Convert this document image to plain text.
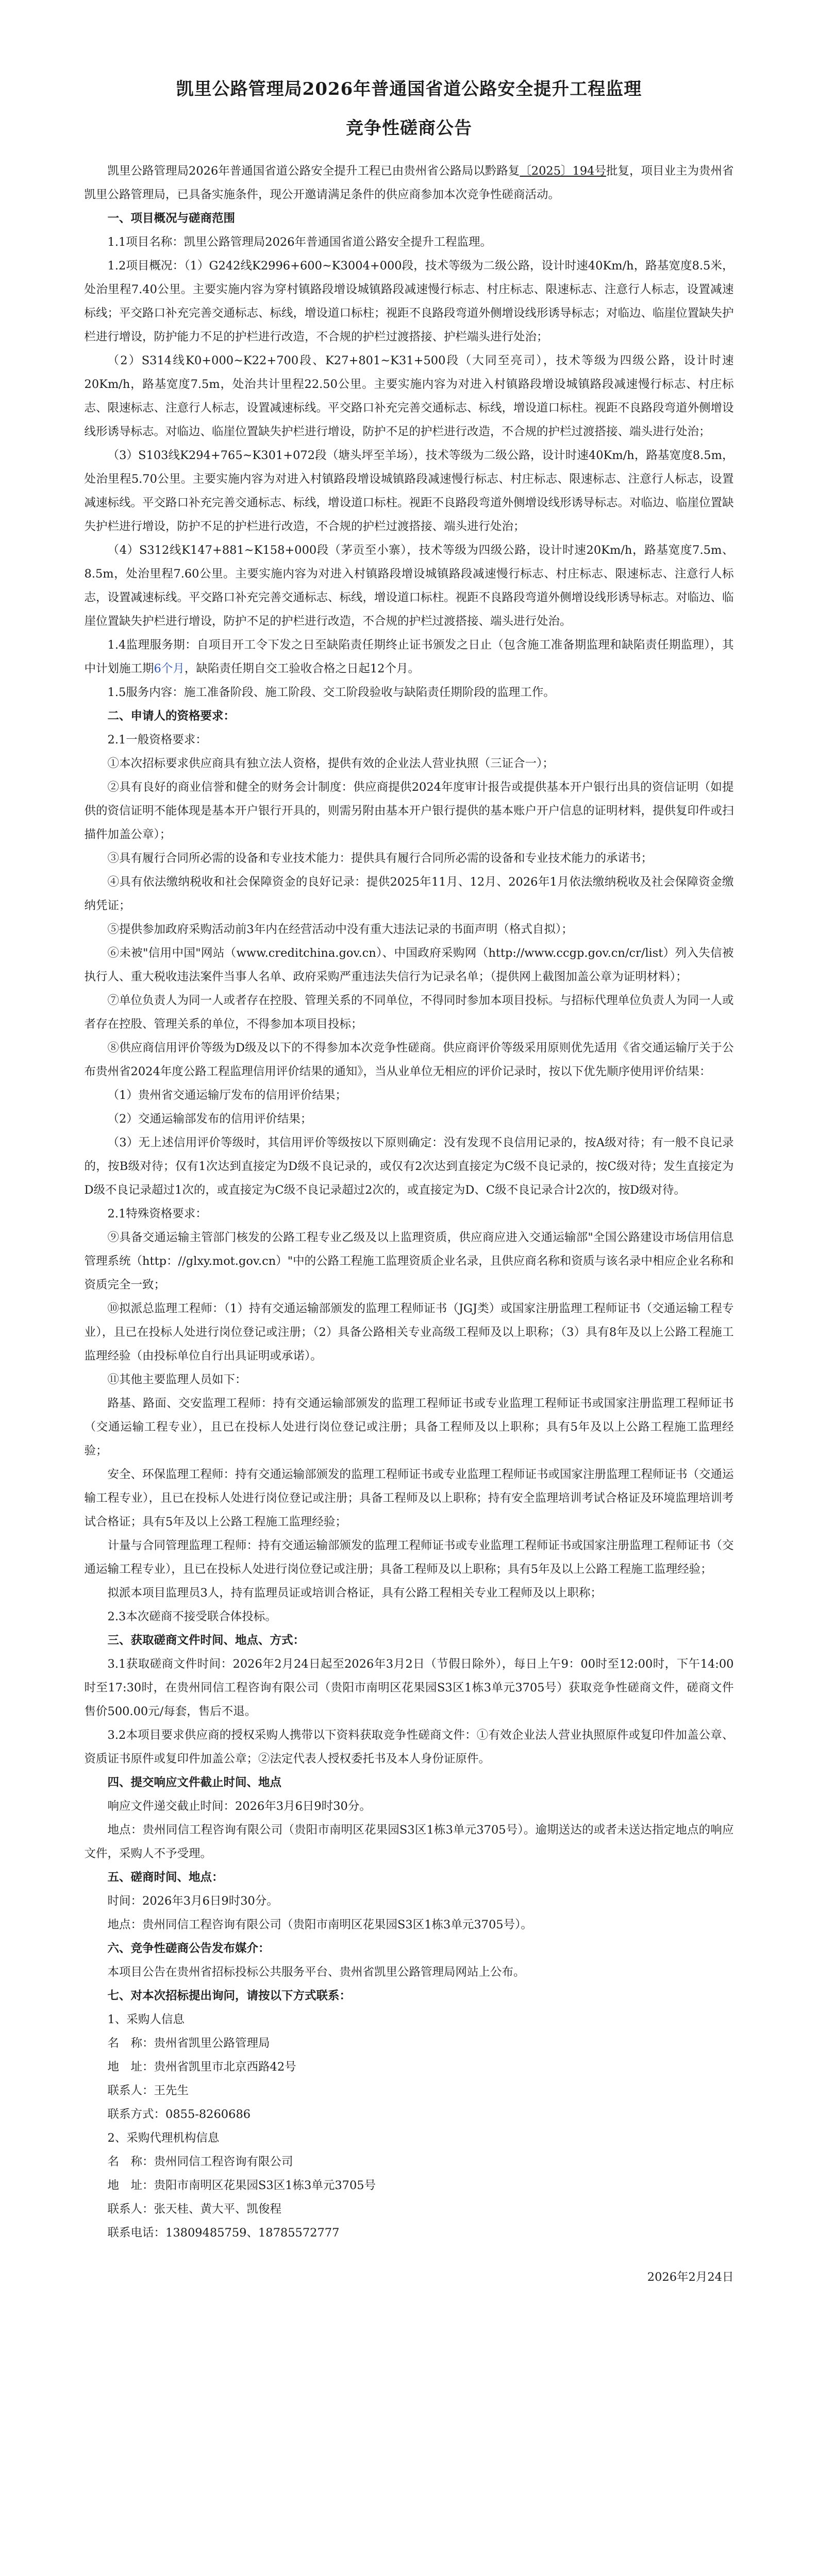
凯里公路管理局2026年普通国省道公路安全提升工程监理
竞争性磋商公告

凯里公路管理局2026年普通国省道公路安全提升工程已由贵州省公路局以黔路复〔2025〕194号批复，项目业主为贵州省凯里公路管理局，已具备实施条件，现公开邀请满足条件的供应商参加本次竞争性磋商活动。

一、项目概况与磋商范围

1.1项目名称：凯里公路管理局2026年普通国省道公路安全提升工程监理。

1.2项目概况：（1）G242线K2996+600~K3004+000段，技术等级为二级公路，设计时速40Km/h，路基宽度8.5米，处治里程7.40公里。主要实施内容为穿村镇路段增设城镇路段减速慢行标志、村庄标志、限速标志、注意行人标志，设置减速标线；平交路口补充完善交通标志、标线，增设道口标柱；视距不良路段弯道外侧增设线形诱导标志；对临边、临崖位置缺失护栏进行增设，防护能力不足的护栏进行改造，不合规的护栏过渡搭接、护栏端头进行处治；

（2）S314线K0+000~K22+700段、K27+801~K31+500段（大同至亮司），技术等级为四级公路，设计时速20Km/h，路基宽度7.5m，处治共计里程22.50公里。主要实施内容为对进入村镇路段增设城镇路段减速慢行标志、村庄标志、限速标志、注意行人标志，设置减速标线。平交路口补充完善交通标志、标线，增设道口标柱。视距不良路段弯道外侧增设线形诱导标志。对临边、临崖位置缺失护栏进行增设，防护不足的护栏进行改造，不合规的护栏过渡搭接、端头进行处治；

（3）S103线K294+765~K301+072段（塘头坪至羊场），技术等级为二级公路，设计时速40Km/h，路基宽度8.5m，处治里程5.70公里。主要实施内容为对进入村镇路段增设城镇路段减速慢行标志、村庄标志、限速标志、注意行人标志，设置减速标线。平交路口补充完善交通标志、标线，增设道口标柱。视距不良路段弯道外侧增设线形诱导标志。对临边、临崖位置缺失护栏进行增设，防护不足的护栏进行改造，不合规的护栏过渡搭接、端头进行处治；

（4）S312线K147+881~K158+000段（茅贡至小寨），技术等级为四级公路，设计时速20Km/h，路基宽度7.5m、8.5m，处治里程7.60公里。主要实施内容为对进入村镇路段增设城镇路段减速慢行标志、村庄标志、限速标志、注意行人标志，设置减速标线。平交路口补充完善交通标志、标线，增设道口标柱。视距不良路段弯道外侧增设线形诱导标志。对临边、临崖位置缺失护栏进行增设，防护不足的护栏进行改造，不合规的护栏过渡搭接、端头进行处治。

1.4监理服务期：自项目开工令下发之日至缺陷责任期终止证书颁发之日止（包含施工准备期监理和缺陷责任期监理），其中计划施工期6个月，缺陷责任期自交工验收合格之日起12个月。

1.5服务内容：施工准备阶段、施工阶段、交工阶段验收与缺陷责任期阶段的监理工作。

二、申请人的资格要求：

2.1一般资格要求：

①本次招标要求供应商具有独立法人资格，提供有效的企业法人营业执照（三证合一）；

②具有良好的商业信誉和健全的财务会计制度：供应商提供2024年度审计报告或提供基本开户银行出具的资信证明（如提供的资信证明不能体现是基本开户银行开具的，则需另附由基本开户银行提供的基本账户开户信息的证明材料，提供复印件或扫描件加盖公章）；

③具有履行合同所必需的设备和专业技术能力：提供具有履行合同所必需的设备和专业技术能力的承诺书；

④具有依法缴纳税收和社会保障资金的良好记录：提供2025年11月、12月、2026年1月依法缴纳税收及社会保障资金缴纳凭证；

⑤提供参加政府采购活动前3年内在经营活动中没有重大违法记录的书面声明（格式自拟）；

⑥未被"信用中国"网站（www.creditchina.gov.cn）、中国政府采购网（http://www.ccgp.gov.cn/cr/list）列入失信被执行人、重大税收违法案件当事人名单、政府采购严重违法失信行为记录名单；（提供网上截图加盖公章为证明材料）；

⑦单位负责人为同一人或者存在控股、管理关系的不同单位，不得同时参加本项目投标。与招标代理单位负责人为同一人或者存在控股、管理关系的单位，不得参加本项目投标；

⑧供应商信用评价等级为D级及以下的不得参加本次竞争性磋商。供应商评价等级采用原则优先适用《省交通运输厅关于公布贵州省2024年度公路工程监理信用评价结果的通知》，当从业单位无相应的评价记录时，按以下优先顺序使用评价结果：

（1）贵州省交通运输厅发布的信用评价结果；

（2）交通运输部发布的信用评价结果；

（3）无上述信用评价等级时，其信用评价等级按以下原则确定：没有发现不良信用记录的，按A级对待；有一般不良记录的，按B级对待；仅有1次达到直接定为D级不良记录的，或仅有2次达到直接定为C级不良记录的，按C级对待；发生直接定为D级不良记录超过1次的，或直接定为C级不良记录超过2次的，或直接定为D、C级不良记录合计2次的，按D级对待。

2.1特殊资格要求：

⑨具备交通运输主管部门核发的公路工程专业乙级及以上监理资质，供应商应进入交通运输部"全国公路建设市场信用信息管理系统（http：//glxy.mot.gov.cn）"中的公路工程施工监理资质企业名录，且供应商名称和资质与该名录中相应企业名称和资质完全一致；

⑩拟派总监理工程师：（1）持有交通运输部颁发的监理工程师证书（JGJ类）或国家注册监理工程师证书（交通运输工程专业），且已在投标人处进行岗位登记或注册；（2）具备公路相关专业高级工程师及以上职称；（3）具有8年及以上公路工程施工监理经验（由投标单位自行出具证明或承诺）。

⑪其他主要监理人员如下：

路基、路面、交安监理工程师：持有交通运输部颁发的监理工程师证书或专业监理工程师证书或国家注册监理工程师证书（交通运输工程专业），且已在投标人处进行岗位登记或注册；具备工程师及以上职称；具有5年及以上公路工程施工监理经验；

安全、环保监理工程师：持有交通运输部颁发的监理工程师证书或专业监理工程师证书或国家注册监理工程师证书（交通运输工程专业），且已在投标人处进行岗位登记或注册；具备工程师及以上职称；持有安全监理培训考试合格证及环境监理培训考试合格证；具有5年及以上公路工程施工监理经验；

计量与合同管理监理工程师：持有交通运输部颁发的监理工程师证书或专业监理工程师证书或国家注册监理工程师证书（交通运输工程专业），且已在投标人处进行岗位登记或注册；具备工程师及以上职称；具有5年及以上公路工程施工监理经验；

拟派本项目监理员3人，持有监理员证或培训合格证，具有公路工程相关专业工程师及以上职称；

2.3本次磋商不接受联合体投标。

三、获取磋商文件时间、地点、方式：

3.1获取磋商文件时间：2026年2月24日起至2026年3月2日（节假日除外），每日上午9：00时至12:00时，下午14:00时至17:30时，在贵州同信工程咨询有限公司（贵阳市南明区花果园S3区1栋3单元3705号）获取竞争性磋商文件，磋商文件售价500.00元/每套，售后不退。

3.2本项目要求供应商的授权采购人携带以下资料获取竞争性磋商文件：①有效企业法人营业执照原件或复印件加盖公章、资质证书原件或复印件加盖公章；②法定代表人授权委托书及本人身份证原件。

四、提交响应文件截止时间、地点

响应文件递交截止时间：2026年3月6日9时30分。

地点：贵州同信工程咨询有限公司（贵阳市南明区花果园S3区1栋3单元3705号）。逾期送达的或者未送达指定地点的响应文件，采购人不予受理。

五、磋商时间、地点：

时间：2026年3月6日9时30分。

地点：贵州同信工程咨询有限公司（贵阳市南明区花果园S3区1栋3单元3705号）。

六、竞争性磋商公告发布媒介：

本项目公告在贵州省招标投标公共服务平台、贵州省凯里公路管理局网站上公布。

七、对本次招标提出询问，请按以下方式联系：

1、采购人信息

名　称：贵州省凯里公路管理局

地　址：贵州省凯里市北京西路42号

联系人：王先生

联系方式：0855-8260686

2、采购代理机构信息

名　称：贵州同信工程咨询有限公司

地　址：贵阳市南明区花果园S3区1栋3单元3705号

联系人：张天桂、黄大平、凯俊程

联系电话：13809485759、18785572777

2026年2月24日
